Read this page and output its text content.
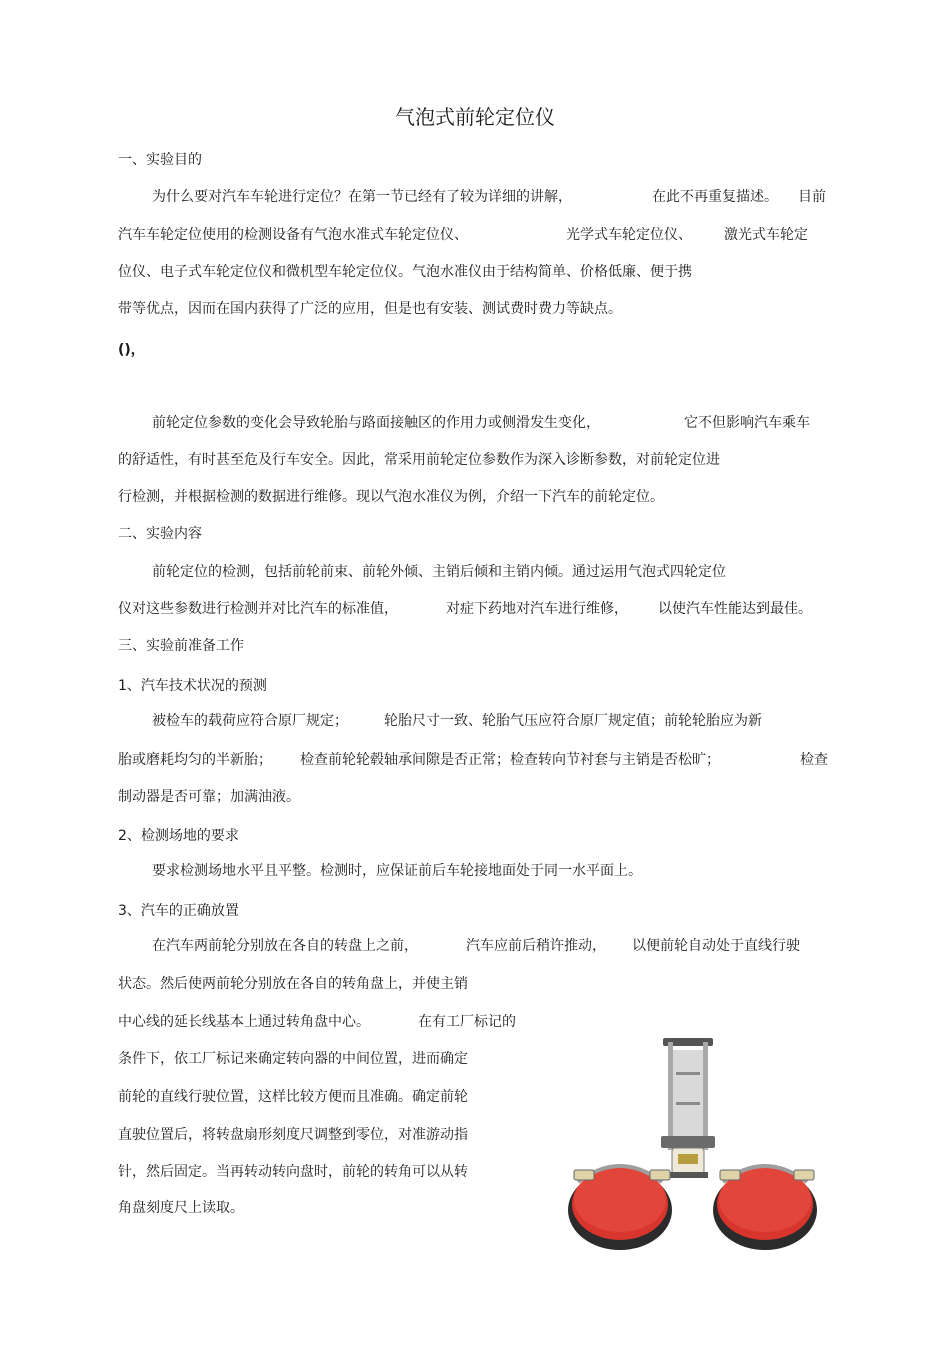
气泡式前轮定位仪
一、实验目的
为什么要对汽车车轮进行定位？在第一节已经有了较为详细的讲解，	在此不再重复描述。 目前
汽车车轮定位使用的检测设备有气泡水准式车轮定位仪、	光学式车轮定位仪、 激光式车轮定
位仪、电子式车轮定位仪和微机型车轮定位仪。气泡水准仪由于结构简单、价格低廉、便于携
带等优点，因而在国内获得了广泛的应用，但是也有安装、测试费时费力等缺点。
()，
前轮定位参数的变化会导致轮胎与路面接触区的作用力或侧滑发生变化，	它不但影响汽车乘车
的舒适性，有时甚至危及行车安全。因此，常采用前轮定位参数作为深入诊断参数，对前轮定位进
行检测，并根据检测的数据进行维修。现以气泡水准仪为例，介绍一下汽车的前轮定位。
二、实验内容
前轮定位的检测，包括前轮前束、前轮外倾、主销后倾和主销内倾。通过运用气泡式四轮定位
仪对这些参数进行检测并对比汽车的标准值，	对症下药地对汽车进行维修， 以使汽车性能达到最佳。
三、实验前准备工作
1、汽车技术状况的预测
被检车的载荷应符合原厂规定；	轮胎尺寸一致、轮胎气压应符合原厂规定值；前轮轮胎应为新
胎或磨耗均匀的半新胎； 检查前轮轮毂轴承间隙是否正常；检查转向节衬套与主销是否松旷；	检查
制动器是否可靠；加满油液。
2、检测场地的要求
要求检测场地水平且平整。检测时，应保证前后车轮接地面处于同一水平面上。
3、汽车的正确放置
在汽车两前轮分别放在各自的转盘上之前，	汽车应前后稍许推动， 以便前轮自动处于直线行驶
状态。然后使两前轮分别放在各自的转角盘上，并使主销
中心线的延长线基本上通过转角盘中心。	在有工厂标记的
条件下，依工厂标记来确定转向器的中间位置，进而确定
前轮的直线行驶位置，这样比较方便而且准确。确定前轮
直驶位置后，将转盘扇形刻度尺调整到零位，对准游动指
针，然后固定。当再转动转向盘时，前轮的转角可以从转
角盘刻度尺上读取。
